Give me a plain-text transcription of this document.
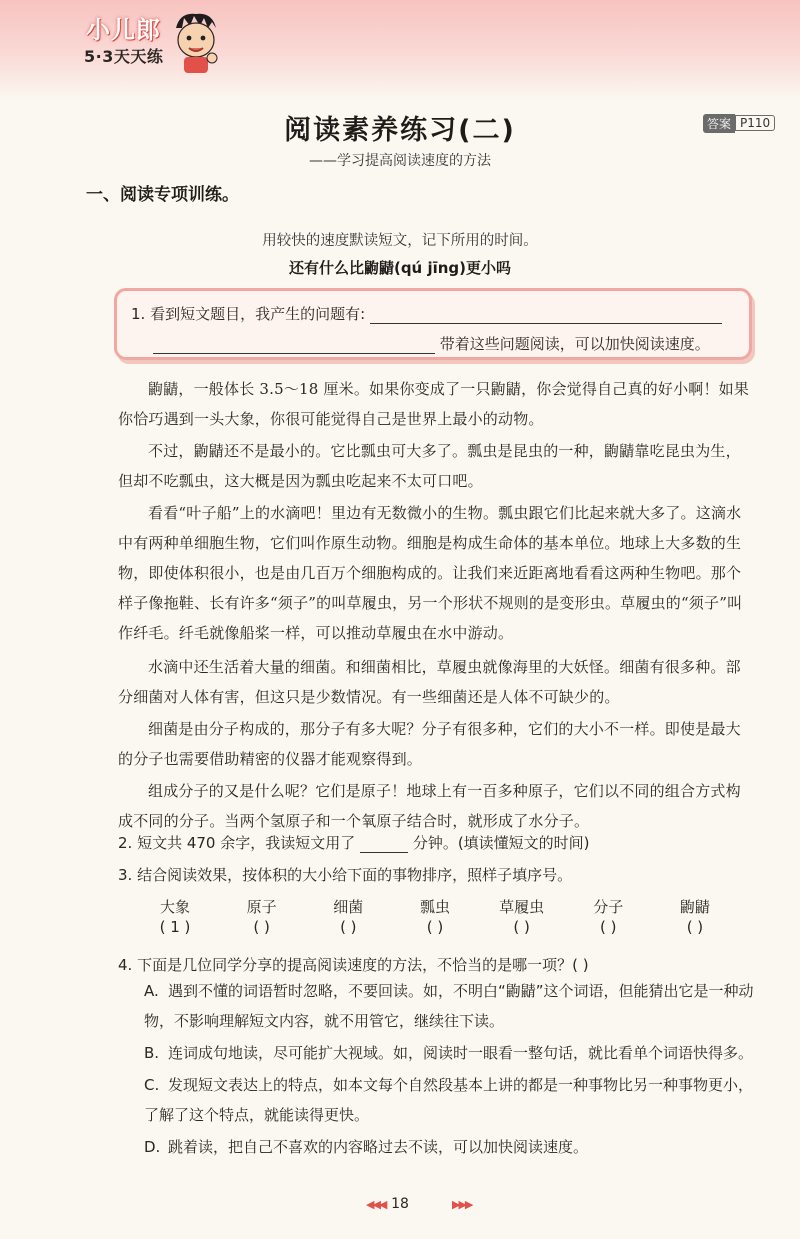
小儿郎
5·3天天练
阅读素养练习(二)	答案 P110
——学习提高阅读速度的方法
一、阅读专项训练。
用较快的速度默读短文，记下所用的时间。
还有什么比鼩鼱(qú jīng)更小吗
1. 看到短文题目，我产生的问题有:
带着这些问题阅读，可以加快阅读速度。
鼩鼱，一般体长 3.5～18 厘米。如果你变成了一只鼩鼱，你会觉得自己真的好小啊！如果你恰巧遇到一头大象，你很可能觉得自己是世界上最小的动物。
不过，鼩鼱还不是最小的。它比瓢虫可大多了。瓢虫是昆虫的一种，鼩鼱靠吃昆虫为生，但却不吃瓢虫，这大概是因为瓢虫吃起来不太可口吧。
看看“叶子船”上的水滴吧！里边有无数微小的生物。瓢虫跟它们比起来就大多了。这滴水中有两种单细胞生物，它们叫作原生动物。细胞是构成生命体的基本单位。地球上大多数的生物，即使体积很小，也是由几百万个细胞构成的。让我们来近距离地看看这两种生物吧。那个样子像拖鞋、长有许多“须子”的叫草履虫，另一个形状不规则的是变形虫。草履虫的“须子”叫作纤毛。纤毛就像船桨一样，可以推动草履虫在水中游动。
水滴中还生活着大量的细菌。和细菌相比，草履虫就像海里的大妖怪。细菌有很多种。部分细菌对人体有害，但这只是少数情况。有一些细菌还是人体不可缺少的。
细菌是由分子构成的，那分子有多大呢？分子有很多种，它们的大小不一样。即使是最大的分子也需要借助精密的仪器才能观察得到。
组成分子的又是什么呢？它们是原子！地球上有一百多种原子，它们以不同的组合方式构成不同的分子。当两个氢原子和一个氧原子结合时，就形成了水分子。
2. 短文共 470 余字，我读短文用了	分钟。(填读懂短文的时间)
3. 结合阅读效果，按体积的大小给下面的事物排序，照样子填序号。
大象	原子	细菌	瓢虫	草履虫	分子	鼩鼱
( 1 )	( )	( )	( )	( )	( )	( )
4. 下面是几位同学分享的提高阅读速度的方法，不恰当的是哪一项？( )
A. 遇到不懂的词语暂时忽略，不要回读。如，不明白“鼩鼱”这个词语，但能猜出它是一种动物，不影响理解短文内容，就不用管它，继续往下读。
B. 连词成句地读，尽可能扩大视域。如，阅读时一眼看一整句话，就比看单个词语快得多。
C. 发现短文表达上的特点，如本文每个自然段基本上讲的都是一种事物比另一种事物更小，了解了这个特点，就能读得更快。
D. 跳着读，把自己不喜欢的内容略过去不读，可以加快阅读速度。
◀◀◀ 18	▶▶▶
